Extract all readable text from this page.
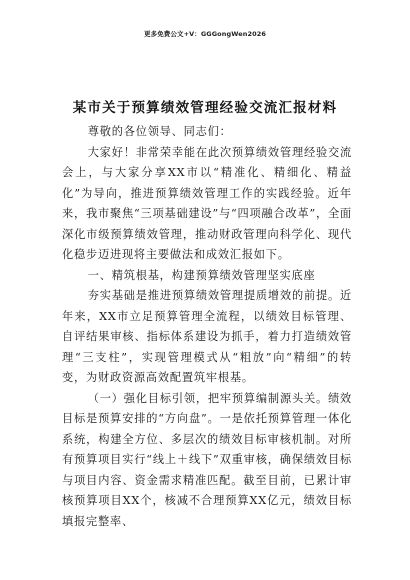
更多免费公文+V：GGGongWen2026
某市关于预算绩效管理经验交流汇报材料

尊敬的各位领导、同志们：

大家好！非常荣幸能在此次预算绩效管理经验交流会上，与大家分享XX市以“精准化、精细化、精益化”为导向，推进预算绩效管理工作的实践经验。近年来，我市聚焦“三项基础建设”与“四项融合改革”，全面深化市级预算绩效管理，推动财政管理向科学化、现代化稳步迈进现将主要做法和成效汇报如下。

一、精筑根基，构建预算绩效管理坚实底座

夯实基础是推进预算绩效管理提质增效的前提。近年来，XX市立足预算管理全流程，以绩效目标管理、自评结果审核、指标体系建设为抓手，着力打造绩效管理“三支柱”，实现管理模式从“粗放”向“精细”的转变，为财政资源高效配置筑牢根基。

（一）强化目标引领，把牢预算编制源头关。绩效目标是预算安排的“方向盘”。一是依托预算管理一体化系统，构建全方位、多层次的绩效目标审核机制。对所有预算项目实行“线上＋线下”双重审核，确保绩效目标与项目内容、资金需求精准匹配。截至目前，已累计审核预算项目XX个，核减不合理预算XX亿元，绩效目标填报完整率、
